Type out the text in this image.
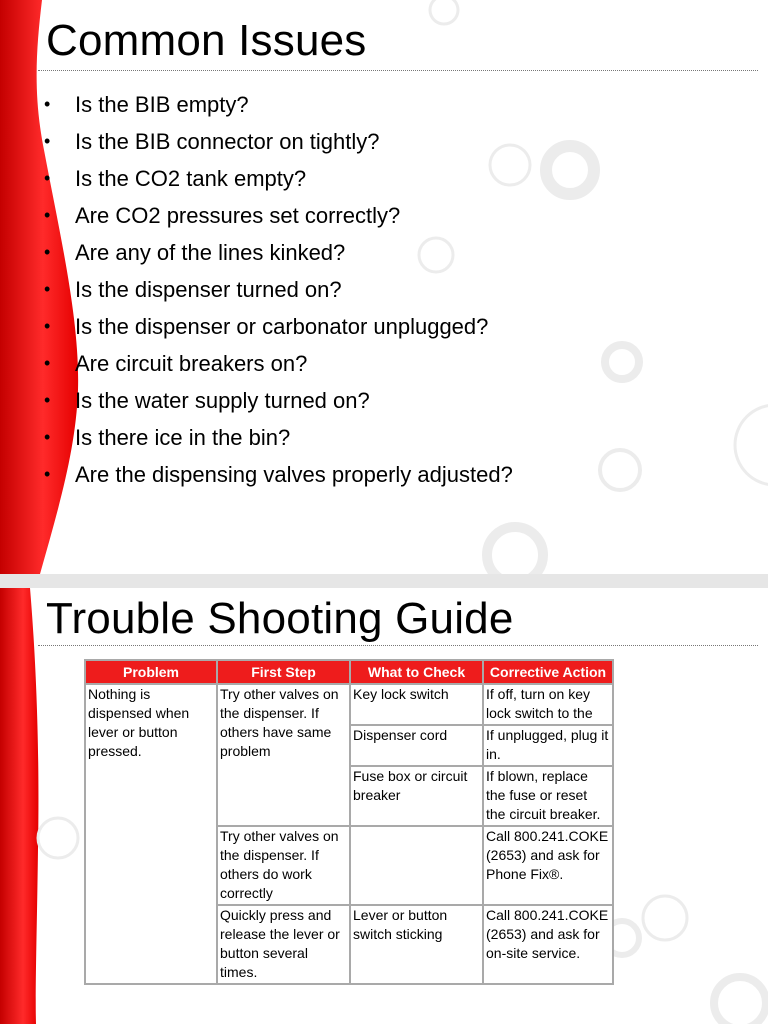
Common Issues
• Is the BIB empty?
• Is the BIB connector on tightly?
• Is the CO2 tank empty?
• Are CO2 pressures set correctly?
• Are any of the lines kinked?
• Is the dispenser turned on?
• Is the dispenser or carbonator unplugged?
• Are circuit breakers on?
• Is the water supply turned on?
• Is there ice in the bin?
• Are the dispensing valves properly adjusted?
Trouble Shooting Guide
Problem	First Step	What to Check	Corrective Action
Nothing is dispensed when lever or button pressed.	Try other valves on the dispenser. If others have same problem	Key lock switch	If off, turn on key lock switch to the
		Dispenser cord	If unplugged, plug it in.
		Fuse box or circuit breaker	If blown, replace the fuse or reset the circuit breaker.
	Try other valves on the dispenser. If others do work correctly		Call 800.241.COKE (2653) and ask for Phone Fix®.
	Quickly press and release the lever or button several times.	Lever or button switch sticking	Call 800.241.COKE (2653) and ask for on-site service.
